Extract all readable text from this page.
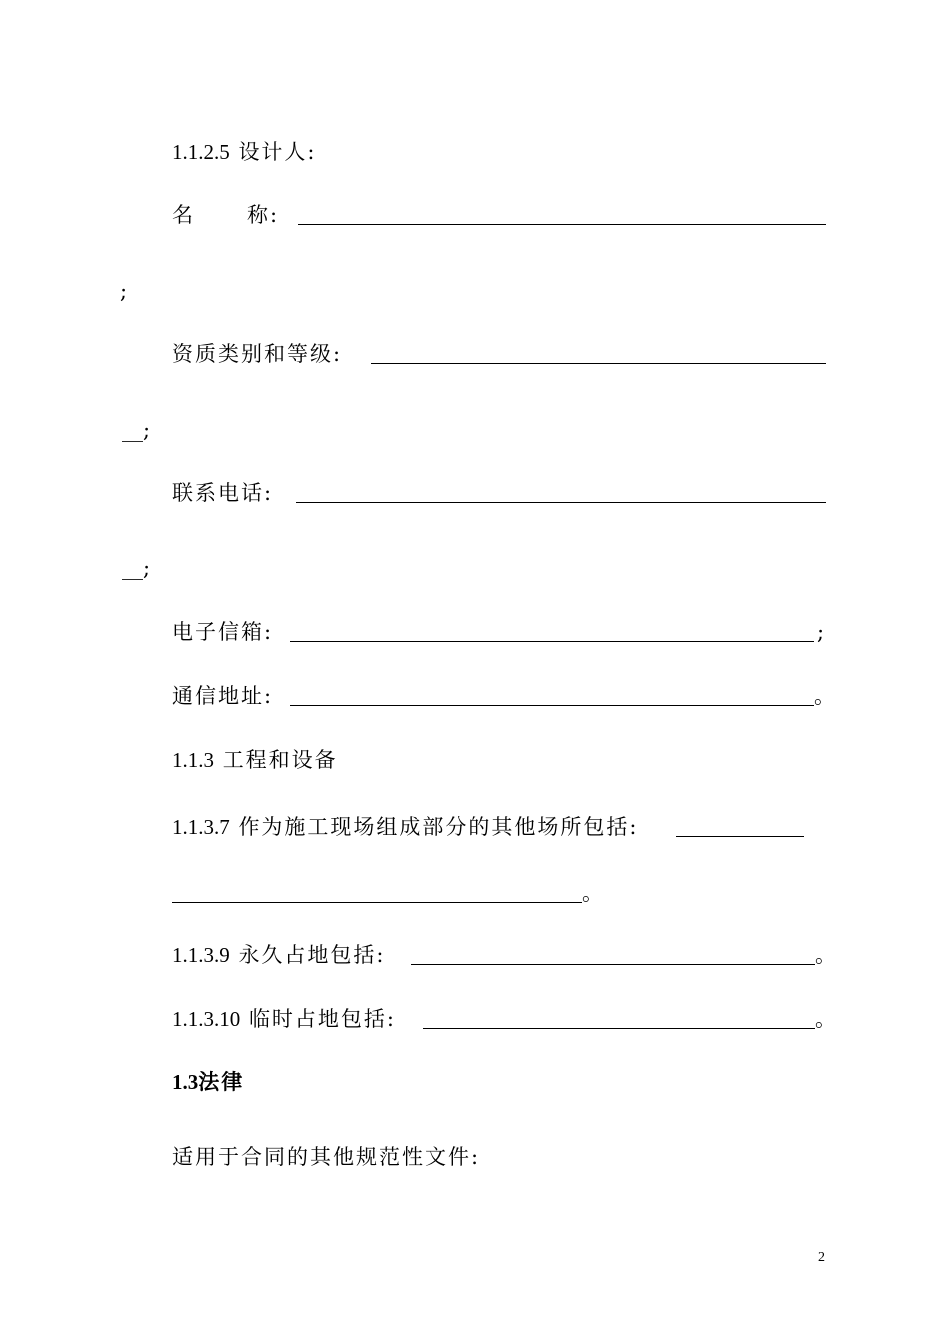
1.1.2.5 设计人:
名 称:
;
资质类别和等级:
__;
联系电话:
__;
电子信箱:	;
通信地址:	。
1.1.3 工程和设备
1.1.3.7 作为施工现场组成部分的其他场所包括:
。
1.1.3.9 永久占地包括:	。
1.1.3.10 临时占地包括:	。
1.3法律
适用于合同的其他规范性文件:
2
